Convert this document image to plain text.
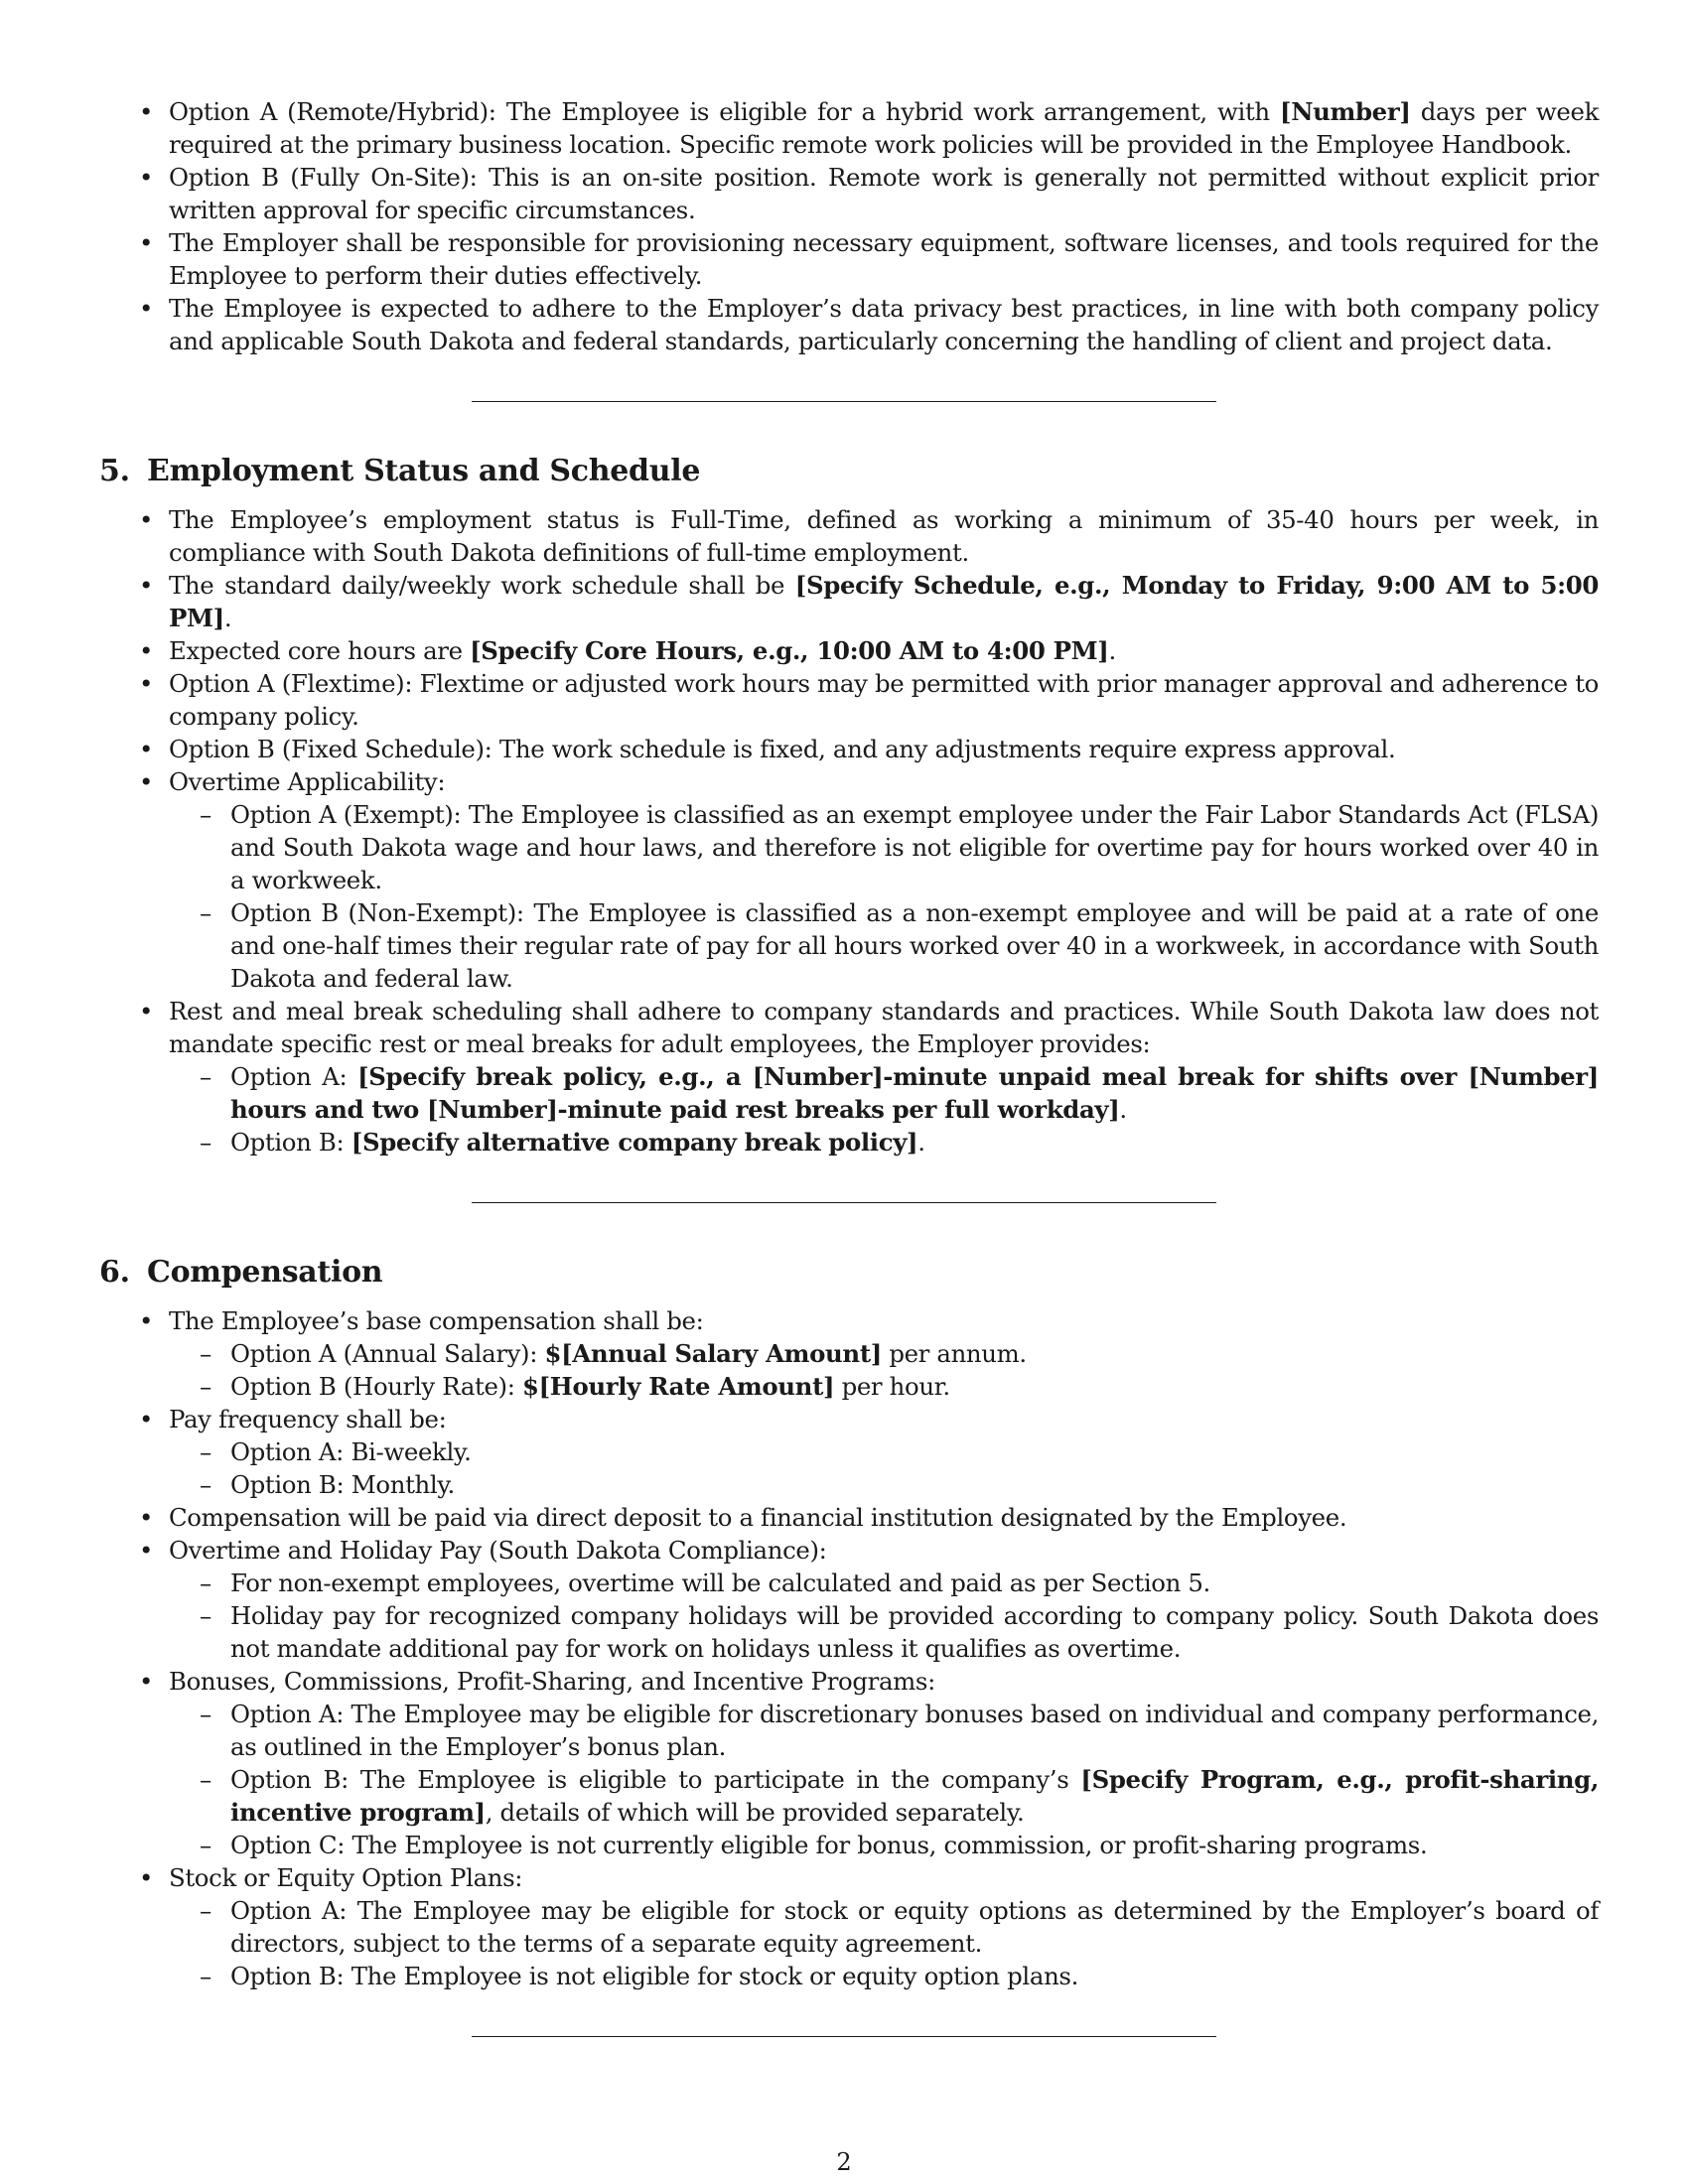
• Option A (Remote/Hybrid): The Employee is eligible for a hybrid work arrangement, with [Number] days per week required at the primary business location. Specific remote work policies will be provided in the Employee Handbook.
• Option B (Fully On-Site): This is an on-site position. Remote work is generally not permitted without explicit prior written approval for specific circumstances.
• The Employer shall be responsible for provisioning necessary equipment, software licenses, and tools required for the Employee to perform their duties effectively.
• The Employee is expected to adhere to the Employer’s data privacy best practices, in line with both company policy and applicable South Dakota and federal standards, particularly concerning the handling of client and project data.
5. Employment Status and Schedule
• The Employee’s employment status is Full-Time, defined as working a minimum of 35-40 hours per week, in compliance with South Dakota definitions of full-time employment.
• The standard daily/weekly work schedule shall be [Specify Schedule, e.g., Monday to Friday, 9:00 AM to 5:00 PM].
• Expected core hours are [Specify Core Hours, e.g., 10:00 AM to 4:00 PM].
• Option A (Flextime): Flextime or adjusted work hours may be permitted with prior manager approval and adherence to company policy.
• Option B (Fixed Schedule): The work schedule is fixed, and any adjustments require express approval.
• Overtime Applicability:
– Option A (Exempt): The Employee is classified as an exempt employee under the Fair Labor Standards Act (FLSA) and South Dakota wage and hour laws, and therefore is not eligible for overtime pay for hours worked over 40 in a workweek.
– Option B (Non-Exempt): The Employee is classified as a non-exempt employee and will be paid at a rate of one and one-half times their regular rate of pay for all hours worked over 40 in a workweek, in accordance with South Dakota and federal law.
• Rest and meal break scheduling shall adhere to company standards and practices. While South Dakota law does not mandate specific rest or meal breaks for adult employees, the Employer provides:
– Option A: [Specify break policy, e.g., a [Number]-minute unpaid meal break for shifts over [Number] hours and two [Number]-minute paid rest breaks per full workday].
– Option B: [Specify alternative company break policy].
6. Compensation
• The Employee’s base compensation shall be:
– Option A (Annual Salary): $[Annual Salary Amount] per annum.
– Option B (Hourly Rate): $[Hourly Rate Amount] per hour.
• Pay frequency shall be:
– Option A: Bi-weekly.
– Option B: Monthly.
• Compensation will be paid via direct deposit to a financial institution designated by the Employee.
• Overtime and Holiday Pay (South Dakota Compliance):
– For non-exempt employees, overtime will be calculated and paid as per Section 5.
– Holiday pay for recognized company holidays will be provided according to company policy. South Dakota does not mandate additional pay for work on holidays unless it qualifies as overtime.
• Bonuses, Commissions, Profit-Sharing, and Incentive Programs:
– Option A: The Employee may be eligible for discretionary bonuses based on individual and company performance, as outlined in the Employer’s bonus plan.
– Option B: The Employee is eligible to participate in the company’s [Specify Program, e.g., profit-sharing, incentive program], details of which will be provided separately.
– Option C: The Employee is not currently eligible for bonus, commission, or profit-sharing programs.
• Stock or Equity Option Plans:
– Option A: The Employee may be eligible for stock or equity options as determined by the Employer’s board of directors, subject to the terms of a separate equity agreement.
– Option B: The Employee is not eligible for stock or equity option plans.
2
